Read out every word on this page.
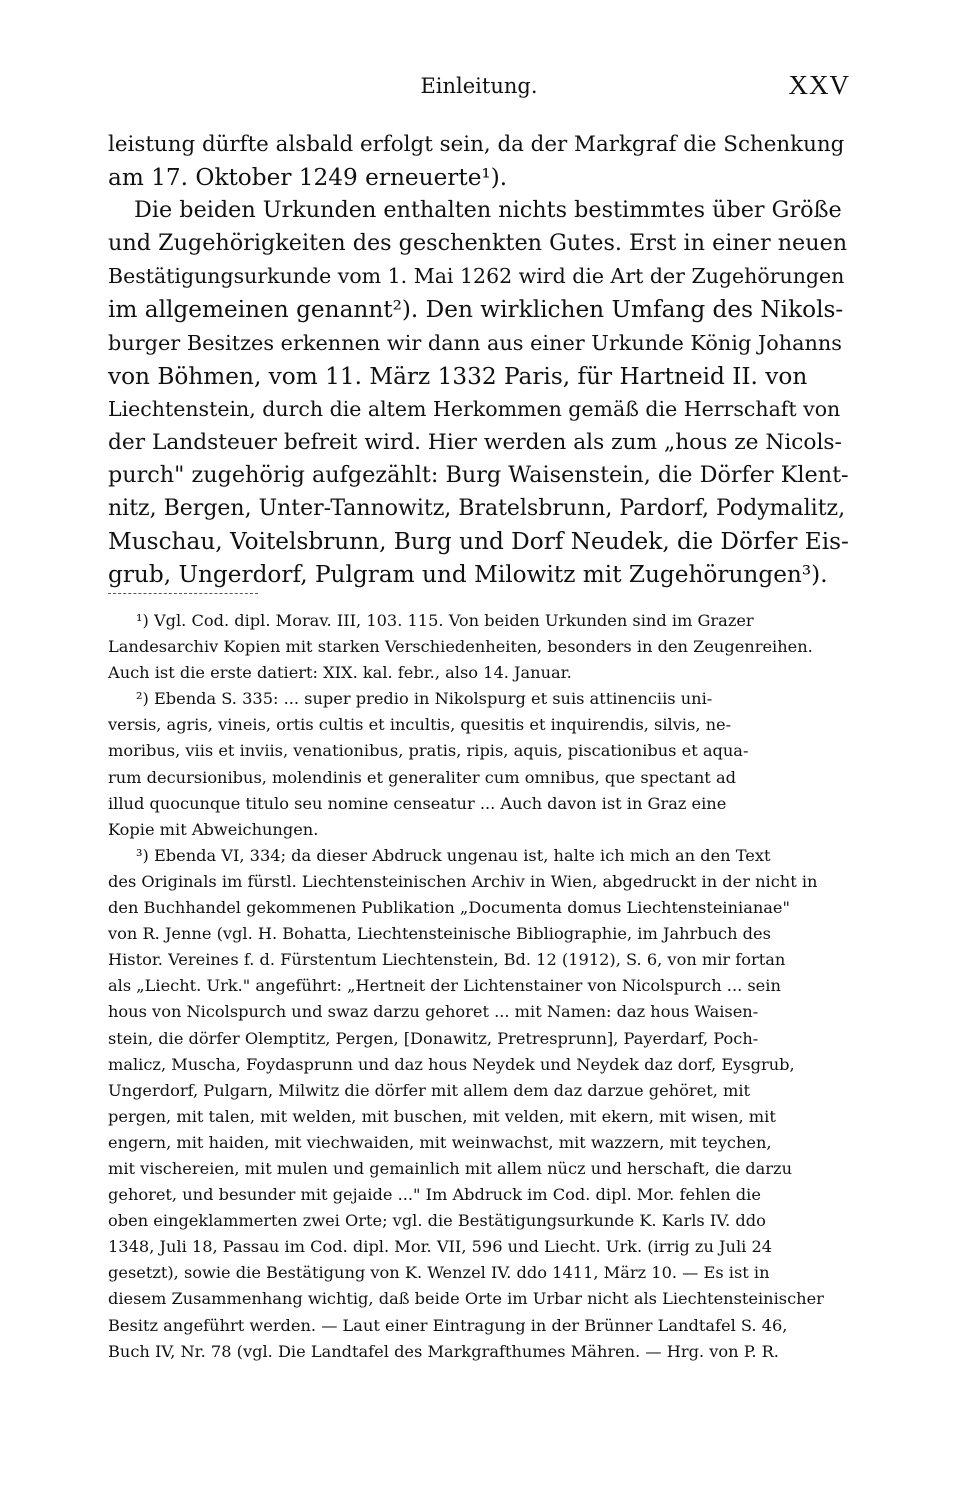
Einleitung.	XXV
leistung dürfte alsbald erfolgt sein, da der Markgraf die Schenkung
am 17. Oktober 1249 erneuerte¹).
Die beiden Urkunden enthalten nichts bestimmtes über Größe
und Zugehörigkeiten des geschenkten Gutes. Erst in einer neuen
Bestätigungsurkunde vom 1. Mai 1262 wird die Art der Zugehörungen
im allgemeinen genannt²). Den wirklichen Umfang des Nikols-
burger Besitzes erkennen wir dann aus einer Urkunde König Johanns
von Böhmen, vom 11. März 1332 Paris, für Hartneid II. von
Liechtenstein, durch die altem Herkommen gemäß die Herrschaft von
der Landsteuer befreit wird. Hier werden als zum „hous ze Nicols-
purch" zugehörig aufgezählt: Burg Waisenstein, die Dörfer Klent-
nitz, Bergen, Unter-Tannowitz, Bratelsbrunn, Pardorf, Podymalitz,
Muschau, Voitelsbrunn, Burg und Dorf Neudek, die Dörfer Eis-
grub, Ungerdorf, Pulgram und Milowitz mit Zugehörungen³).
¹) Vgl. Cod. dipl. Morav. III, 103. 115. Von beiden Urkunden sind im Grazer
Landesarchiv Kopien mit starken Verschiedenheiten, besonders in den Zeugenreihen.
Auch ist die erste datiert: XIX. kal. febr., also 14. Januar.
²) Ebenda S. 335: ... super predio in Nikolspurg et suis attinenciis uni-
versis, agris, vineis, ortis cultis et incultis, quesitis et inquirendis, silvis, ne-
moribus, viis et inviis, venationibus, pratis, ripis, aquis, piscationibus et aqua-
rum decursionibus, molendinis et generaliter cum omnibus, que spectant ad
illud quocunque titulo seu nomine censeatur ... Auch davon ist in Graz eine
Kopie mit Abweichungen.
³) Ebenda VI, 334; da dieser Abdruck ungenau ist, halte ich mich an den Text
des Originals im fürstl. Liechtensteinischen Archiv in Wien, abgedruckt in der nicht in
den Buchhandel gekommenen Publikation „Documenta domus Liechtensteinianae"
von R. Jenne (vgl. H. Bohatta, Liechtensteinische Bibliographie, im Jahrbuch des
Histor. Vereines f. d. Fürstentum Liechtenstein, Bd. 12 (1912), S. 6, von mir fortan
als „Liecht. Urk." angeführt: „Hertneit der Lichtenstainer von Nicolspurch ... sein
hous von Nicolspurch und swaz darzu gehoret ... mit Namen: daz hous Waisen-
stein, die dörfer Olemptitz, Pergen, [Donawitz, Pretresprunn], Payerdarf, Poch-
malicz, Muscha, Foydasprunn und daz hous Neydek und Neydek daz dorf, Eysgrub,
Ungerdorf, Pulgarn, Milwitz die dörfer mit allem dem daz darzue gehöret, mit
pergen, mit talen, mit welden, mit buschen, mit velden, mit ekern, mit wisen, mit
engern, mit haiden, mit viechwaiden, mit weinwachst, mit wazzern, mit teychen,
mit vischereien, mit mulen und gemainlich mit allem nücz und herschaft, die darzu
gehoret, und besunder mit gejaide ..." Im Abdruck im Cod. dipl. Mor. fehlen die
oben eingeklammerten zwei Orte; vgl. die Bestätigungsurkunde K. Karls IV. ddo
1348, Juli 18, Passau im Cod. dipl. Mor. VII, 596 und Liecht. Urk. (irrig zu Juli 24
gesetzt), sowie die Bestätigung von K. Wenzel IV. ddo 1411, März 10. — Es ist in
diesem Zusammenhang wichtig, daß beide Orte im Urbar nicht als Liechtensteinischer
Besitz angeführt werden. — Laut einer Eintragung in der Brünner Landtafel S. 46,
Buch IV, Nr. 78 (vgl. Die Landtafel des Markgrafthumes Mähren. — Hrg. von P. R.
